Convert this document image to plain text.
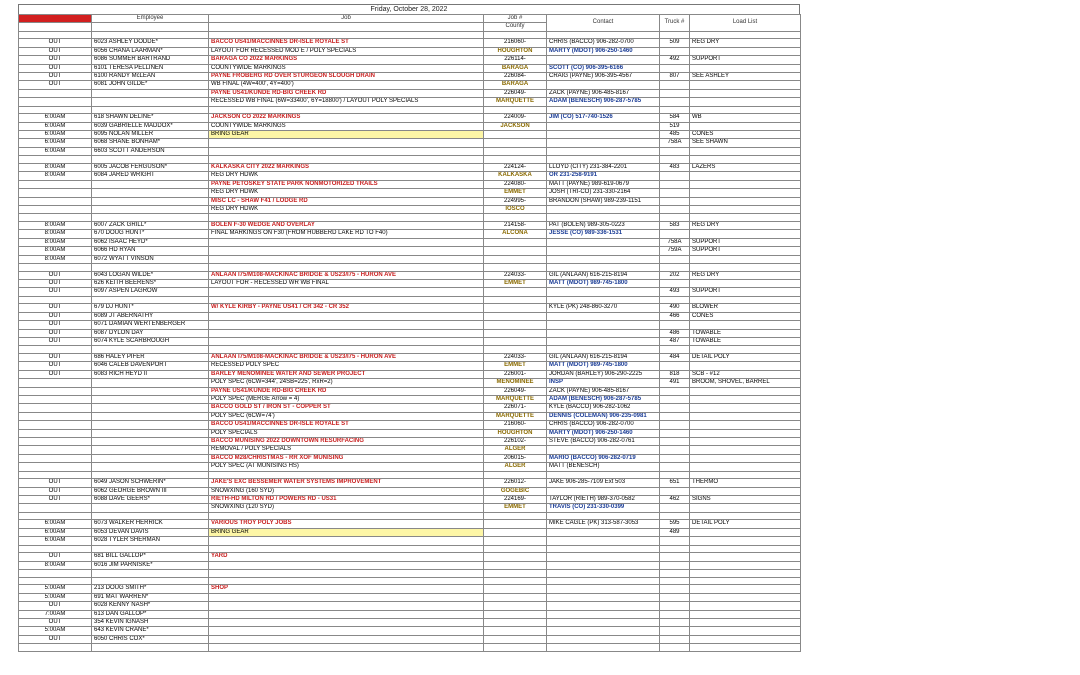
Friday, October 28, 2022
TIME	Employee	Job	Job #	Contact	Truck #	Load List
			County			

OUT	6023 ASHLEY DODDE*	BACCO US41/MACCINNES DR-ISLE ROYALE ST	216060-	CHRIS (BACCO) 906-282-0700	509	REG DRY
OUT	6056 CHANA LAARMAN*	LAYOUT FOR RECESSED MOD E / POLY SPECIALS	HOUGHTON	MARTY (MDOT) 906-250-1460		
OUT	6086 SUMMER BARTRAND	BARAGA CO 2022 MARKINGS	226114-		492	SUPPORT
OUT	6101 TERESA PELLINEN	COUNTYWIDE MARKINGS	BARAGA	SCOTT (CO) 906-395-6166		
OUT	6100 RANDY McLEAN	PAYNE FROBERG RD OVER STURGEON SLOUGH DRAIN	226084-	CRAIG (PAYNE) 906-395-4567	807	SEE ASHLEY
OUT	6081 JOHN GILDE*	WB FINAL (4W=400', 4Y=400')	BARAGA			
		PAYNE US41/KUNDE RD-BIG CREEK RD	226049-	ZACK (PAYNE) 906-485-8167		
		RECESSED WB FINAL (6W=33400', 6Y=18800') / LAYOUT POLY SPECIALS	MARQUETTE	ADAM (BENESCH) 906-287-5785		

6:00AM	618 SHAWN DELINE*	JACKSON CO 2022 MARKINGS	224009-	JIM (CO) 517-740-1526	584	WB
6:00AM	6039 GABRIELLE MADDOX*	COUNTYWIDE MARKINGS	JACKSON		519	
6:00AM	6095 NOLAN MILLER	BRING GEAR			485	CONES
6:00AM	6068 SHANE BONHAM*				758A	SEE SHAWN
6:00AM	6603 SCOTT ANDERSON					

8:00AM	6005 JACOB FERGUSON*	KALKASKA CITY 2022 MARKINGS	224124-	LLOYD (CITY) 231-384-2201	483	LAZERS
8:00AM	6084 JARED WRIGHT	REG DRY HDWK	KALKASKA	OR 231-258-9191		
		PAYNE PETOSKEY STATE PARK NONMOTORIZED TRAILS	224080-	MATT (PAYNE) 989-619-0679		
		REG DRY HDWK	EMMET	JOSH (TRI-CO) 231-330-2164		
		MISC LC - SHAW F41 / LODGE RD	224995-	BRANDON (SHAW) 989-239-1151		
		REG DRY HDWK	IOSCO			

8:00AM	6007 ZACK GRILL*	BOLEN F-30 WEDGE AND OVERLAY	214158-	PAT (BOLEN) 989-305-0223	583	REG DRY
8:00AM	670 DOUG HUNT*	FINAL MARKINGS ON F30 (FROM HUBBERD LAKE RD TO F40)	ALCONA	JESSE (CO) 989-336-1531		
8:00AM	6062 ISAAC HEYD*				758A	SUPPORT
8:00AM	6066 HD RYAN				759A	SUPPORT
8:00AM	6072 WYATT VINSON					

OUT	6043 LOGAN WILDE*	ANLAAN I75/M108-MACKINAC BRIDGE & US23/I75 - HURON AVE	224033-	GIL (ANLAAN) 616-215-8194	202	REG DRY
OUT	626 KEITH BEERENS*	LAYOUT FOR - RECESSED WR WB FINAL	EMMET	MATT (MDOT) 989-745-1800		
OUT	6097 ASPEN LAGROW				493	SUPPORT

OUT	679 DJ HUNT*	W/ KYLE KIRBY - PAYNE US41 / CR 342 - CR 352		KYLE (PK) 248-860-3270	490	BLOWER
OUT	6089 JT ABERNATHY				466	CONES
OUT	6071 DAMIAN WERTENBERGER					
OUT	6087 DYLON DAY				486	TOWABLE
OUT	6074 KYLE SCARBROUGH				487	TOWABLE

OUT	686 HALEY PIFER	ANLAAN I75/M108-MACKINAC BRIDGE & US23/I75 - HURON AVE	224033-	GIL (ANLAAN) 616-215-8194	484	DETAIL POLY
OUT	6046 CALEB DAVENPORT	RECESSED POLY SPEC	EMMET	MATT (MDOT) 989-745-1800		
OUT	6083 RICH HEYD II	BARLEY MENOMINEE WATER AND SEWER PROJECT	226001-	JORDAN (BARLEY) 906-290-2225	818	SCB - #12
		POLY SPEC (6CW=344', 24SB=225', RxR=2)	MENOMINEE	INSP	491	BROOM, SHOVEL, BARREL
		PAYNE US41/KUNDE RD-BIG CREEK RD	226049-	ZACK (PAYNE) 906-485-8167		
		POLY SPEC (MERGE Arrow = 4)	MARQUETTE	ADAM (BENESCH) 906-287-5785		
		BACCO GOLD ST / IRON ST - COPPER ST	226071-	KYLE (BACCO) 906-282-1062		
		POLY SPEC (6CW=74')	MARQUETTE	DENNIS (COLEMAN) 906-235-0981		
		BACCO US41/MACCINNES DR-ISLE ROYALE ST	216060-	CHRIS (BACCO) 906-282-0700		
		POLY SPECIALS	HOUGHTON	MARTY (MDOT) 906-250-1460		
		BACCO MUNISING 2022 DOWNTOWN RESURFACING	226102-	STEVE (BACCO) 906-282-0761		
		REMOVAL / POLY SPECIALS	ALGER			
		BACCO M28/CHRISTMAS - RR XOF MUNISING	206015-	MARIO (BACCO) 906-282-0719		
		POLY SPEC (AT MUNISING HS)	ALGER	MATT (BENESCH)		

OUT	6049 JASON SCHWERIN*	JAKE'S EXC BESSEMER WATER SYSTEMS IMPROVEMENT	226012-	JAKE 906-285-7109 Ext 503	651	THERMO
OUT	6062 GEORGE BROWN III	SNOWXING (160 SYD)	GOGEBIC			
OUT	6088 DAVE GEERS*	RIETH-HD MILTON RD / POWERS RD - US31	224169-	TAYLOR (RIETH) 989-370-0582	462	SIGNS
		SNOWXING (120 SYD)	EMMET	TRAVIS (CO) 231-330-0399		

6:00AM	6073 WALKER HERRICK	VARIOUS TROY POLY JOBS		MIKE CAGLE (PK) 313-587-3053	595	DETAIL POLY
6:00AM	6053 DEVAN DAVIS	BRING GEAR			489	
6:00AM	6028 TYLER SHERMAN					

OUT	681 BILL GALLOP*	YARD				
8:00AM	6016 JIM PARNISKE*					

5:00AM	213 DOUG SMITH*	SHOP				
5:00AM	691 MAT WARREN*					
OUT	6028 KENNY NASH*					
7:00AM	613 DAN GALLOP*					
OUT	354 KEVIN IGNASH					
5:00AM	643 KEVIN CRANE*					
OUT	6050 CHRIS COX*					
